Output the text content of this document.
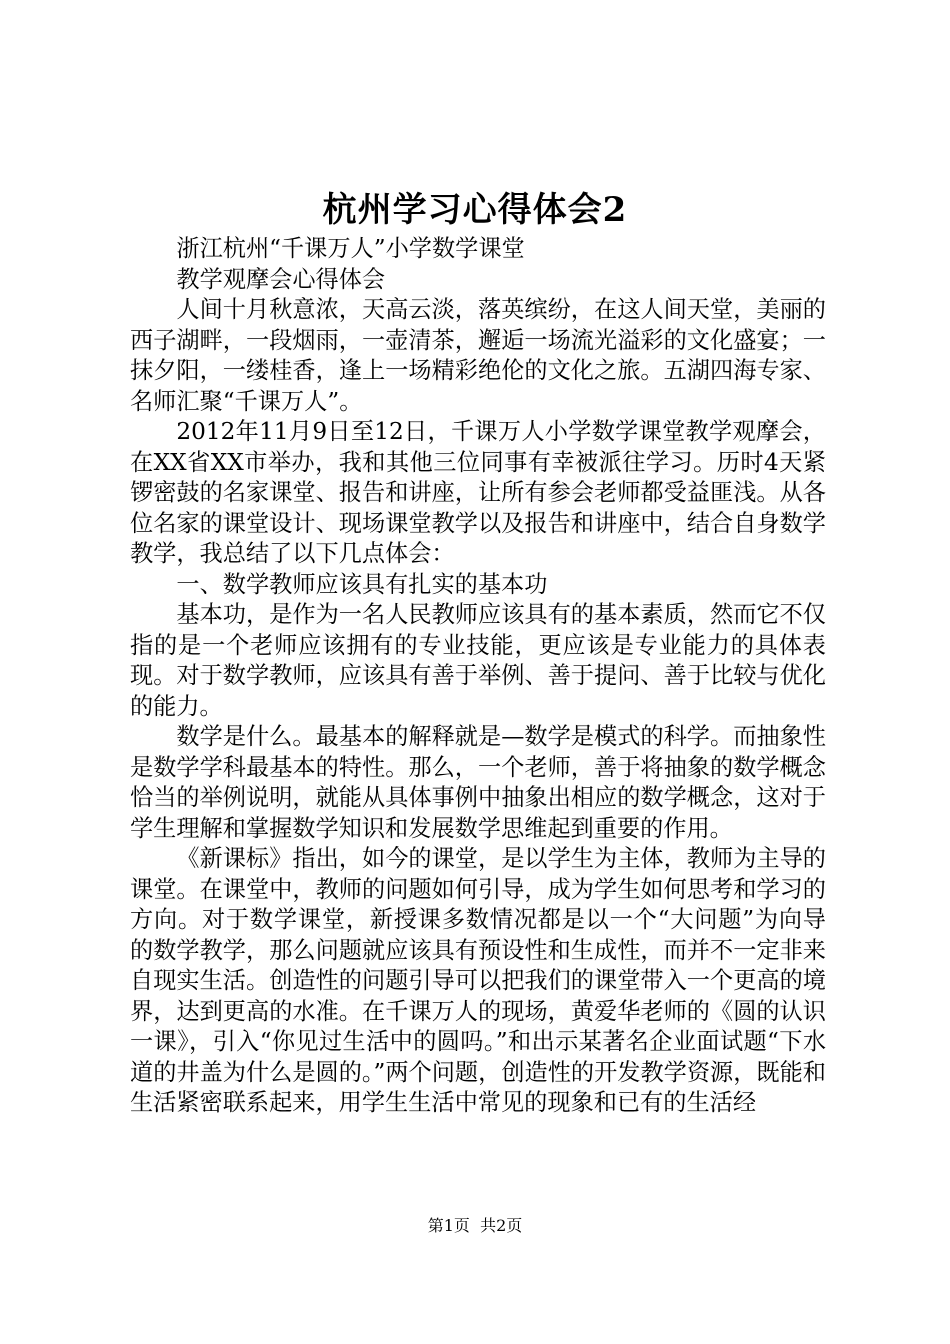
杭州学习心得体会2

浙江杭州“千课万人”小学数学课堂

教学观摩会心得体会

人间十月秋意浓，天高云淡，落英缤纷，在这人间天堂，美丽的西子湖畔，一段烟雨，一壶清茶，邂逅一场流光溢彩的文化盛宴；一抹夕阳，一缕桂香，逢上一场精彩绝伦的文化之旅。五湖四海专家、名师汇聚“千课万人”。

2012年11月9日至12日，千课万人小学数学课堂教学观摩会，在XX省XX市举办，我和其他三位同事有幸被派往学习。历时4天紧锣密鼓的名家课堂、报告和讲座，让所有参会老师都受益匪浅。从各位名家的课堂设计、现场课堂教学以及报告和讲座中，结合自身数学教学，我总结了以下几点体会：

一、数学教师应该具有扎实的基本功

基本功，是作为一名人民教师应该具有的基本素质，然而它不仅指的是一个老师应该拥有的专业技能，更应该是专业能力的具体表现。对于数学教师，应该具有善于举例、善于提问、善于比较与优化的能力。

数学是什么。最基本的解释就是—数学是模式的科学。而抽象性是数学学科最基本的特性。那么，一个老师，善于将抽象的数学概念恰当的举例说明，就能从具体事例中抽象出相应的数学概念，这对于学生理解和掌握数学知识和发展数学思维起到重要的作用。

《新课标》指出，如今的课堂，是以学生为主体，教师为主导的课堂。在课堂中，教师的问题如何引导，成为学生如何思考和学习的方向。对于数学课堂，新授课多数情况都是以一个“大问题”为向导的数学教学，那么问题就应该具有预设性和生成性，而并不一定非来自现实生活。创造性的问题引导可以把我们的课堂带入一个更高的境界，达到更高的水准。在千课万人的现场，黄爱华老师的《圆的认识一课》，引入“你见过生活中的圆吗。”和出示某著名企业面试题“下水道的井盖为什么是圆的。”两个问题，创造性的开发教学资源，既能和生活紧密联系起来，用学生生活中常见的现象和已有的生活经

第1页 共2页
